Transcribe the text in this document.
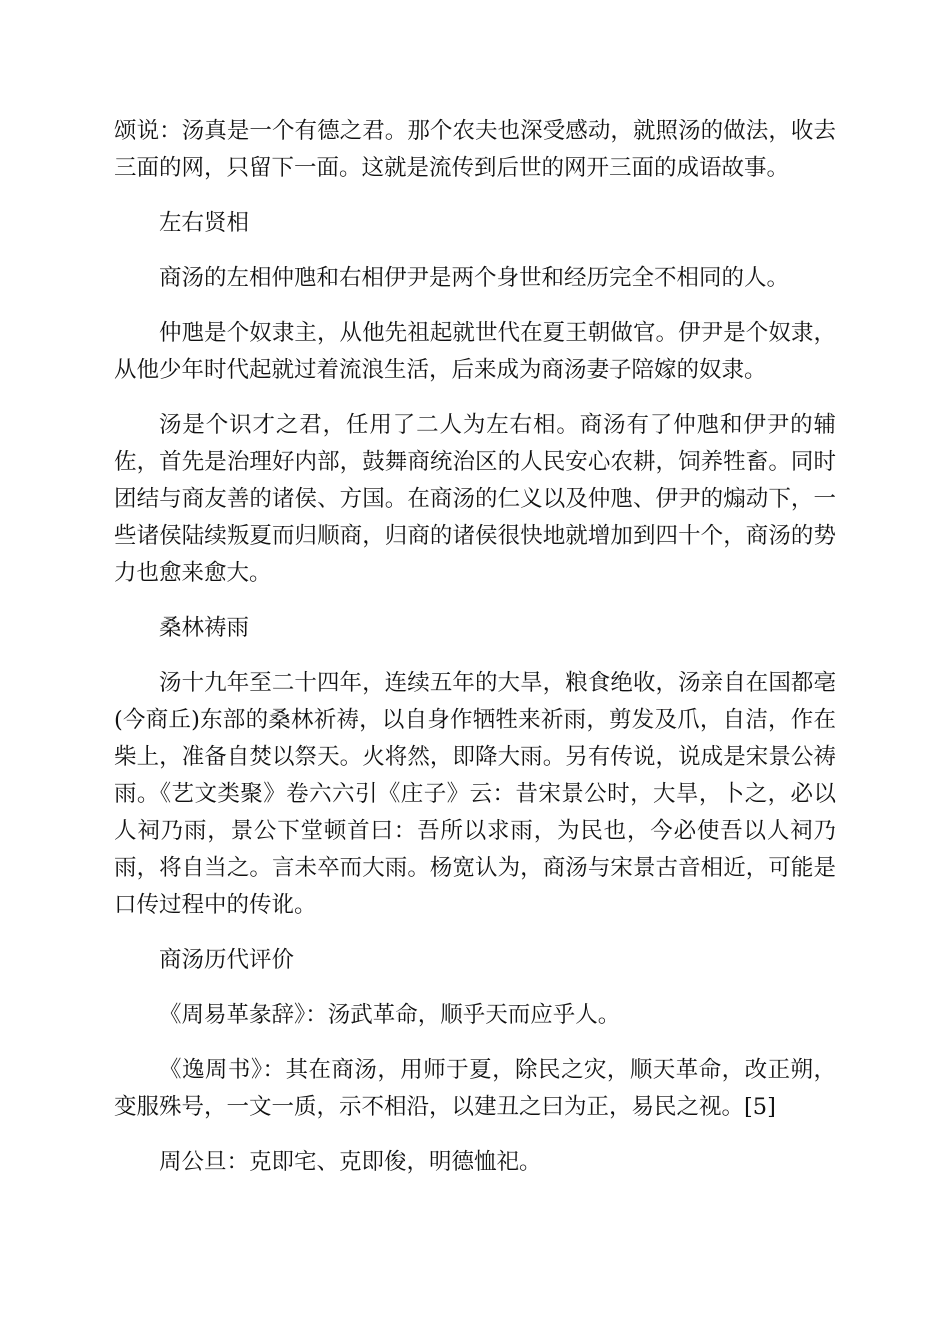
颂说：汤真是一个有德之君。那个农夫也深受感动，就照汤的做法，收去三面的网，只留下一面。这就是流传到后世的网开三面的成语故事。

左右贤相

商汤的左相仲虺和右相伊尹是两个身世和经历完全不相同的人。

仲虺是个奴隶主，从他先祖起就世代在夏王朝做官。伊尹是个奴隶，从他少年时代起就过着流浪生活，后来成为商汤妻子陪嫁的奴隶。

汤是个识才之君，任用了二人为左右相。商汤有了仲虺和伊尹的辅佐，首先是治理好内部，鼓舞商统治区的人民安心农耕，饲养牲畜。同时团结与商友善的诸侯、方国。在商汤的仁义以及仲虺、伊尹的煽动下，一些诸侯陆续叛夏而归顺商，归商的诸侯很快地就增加到四十个，商汤的势力也愈来愈大。

桑林祷雨

汤十九年至二十四年，连续五年的大旱，粮食绝收，汤亲自在国都亳(今商丘)东部的桑林祈祷，以自身作牺牲来祈雨，剪发及爪，自洁，作在柴上，准备自焚以祭天。火将然，即降大雨。另有传说，说成是宋景公祷雨。《艺文类聚》卷六六引《庄子》云：昔宋景公时，大旱，卜之，必以人祠乃雨，景公下堂顿首曰：吾所以求雨，为民也，今必使吾以人祠乃雨，将自当之。言未卒而大雨。杨宽认为，商汤与宋景古音相近，可能是口传过程中的传讹。

商汤历代评价

《周易革彖辞》：汤武革命，顺乎天而应乎人。

《逸周书》：其在商汤，用师于夏，除民之灾，顺天革命，改正朔，变服殊号，一文一质，示不相沿，以建丑之曰为正，易民之视。[5]

周公旦：克即宅、克即俊，明德恤祀。
